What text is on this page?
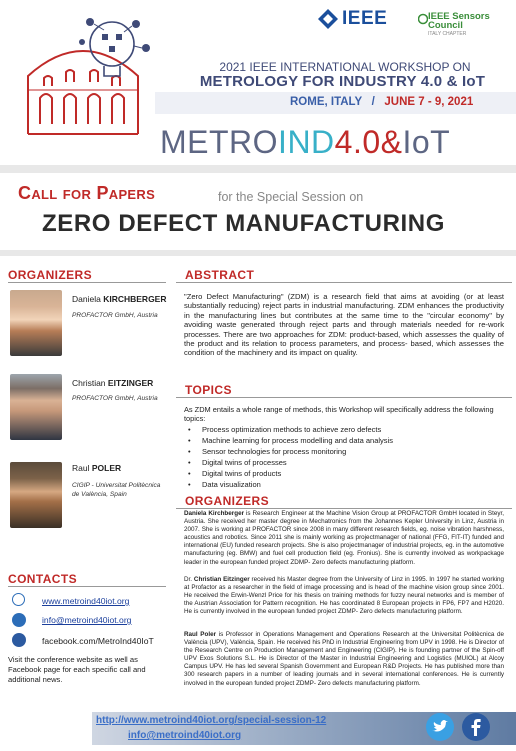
IEEE	IEEE Sensors Council
ITALY CHAPTER
2021 IEEE INTERNATIONAL WORKSHOP ON
METROLOGY FOR INDUSTRY 4.0 & IoT
ROME, ITALY / JUNE 7 - 9, 2021
METROIND4.0&IoT
CALL FOR PAPERS	for the Special Session on
ZERO DEFECT MANUFACTURING
ORGANIZERS
Daniela KIRCHBERGER
PROFACTOR GmbH, Austria
Christian EITZINGER
PROFACTOR GmbH, Austria
Raul POLER
CIGIP - Universitat Politècnica de València, Spain
CONTACTS
www.metroind40iot.org
info@metroind40iot.org
facebook.com/MetroInd40IoT
Visit the conference website as well as Facebook page for each specific call and additional news.
ABSTRACT
"Zero Defect Manufacturing" (ZDM) is a research field that aims at avoiding (or at least substantially reducing) reject parts in industrial manufacturing. ZDM enhances the productivity in the manufacturing lines but contributes at the same time to the "circular economy" by avoiding waste generated through reject parts and through materials needed for re-work processes. There are two approaches for ZDM: product-based, which assesses the quality of the product and its relation to process parameters, and process- based, which assesses the condition of the machinery and its impact on quality.
TOPICS
As ZDM entails a whole range of methods, this Workshop will specifically address the following topics:
• Process optimization methods to achieve zero defects
• Machine learning for process modelling and data analysis
• Sensor technologies for process monitoring
• Digital twins of processes
• Digital twins of products
• Data visualization
ORGANIZERS
Daniela Kirchberger is Research Engineer at the Machine Vision Group at PROFACTOR GmbH located in Steyr, Austria. She received her master degree in Mechatronics from the Johannes Kepler University in Linz, Austria in 2007. She is working at PROFACTOR since 2008 in many different research fields, eg. noise vibration harshness, acoustics and robotics. Since 2011 she is mainly working as projectmanager of national (FFG, FIT-IT) funded and international (EU) funded research projects. She is also projectmanager of industrial projects, eg. in the automotive manufacturing (eg. BMW) and fuel cell production field (eg. Fronius). She is currently involved as workpackage leader in the european funded project ZDMP- Zero defects manufacturing platform.
Dr. Christian Eitzinger received his Master degree from the University of Linz in 1995. In 1997 he started working at Profactor as a researcher in the field of image processing and is head of the machine vision group since 2001. He received the Erwin-Wenzl Price for his thesis on training methods for fuzzy neural networks and is member of the Austrian Association for Pattern recognition. He has coordinated 8 European projects in FP6, FP7 and H2020. He is currently involved in the european funded project ZDMP- Zero defects manufacturing platform.
Raul Poler is Professor in Operations Management and Operations Research at the Universitat Politècnica de València (UPV), València, Spain. He received his PhD in Industrial Engineering from UPV in 1998. He is Director of the Research Centre on Production Management and Engineering (CIGIP). He is founding partner of the Spin-off UPV Exos Solutions S.L. He is Director of the Master in Industrial Engineering and Logistics (MUIOL) at Alcoy Campus UPV. He has led several Spanish Government and European R&D Projects. He has published more than 300 research papers in a number of leading journals and in several international conferences. He is currently involved in the european funded project ZDMP- Zero defects manufacturing platform.
http://www.metroind40iot.org/special-session-12
info@metroind40iot.org
